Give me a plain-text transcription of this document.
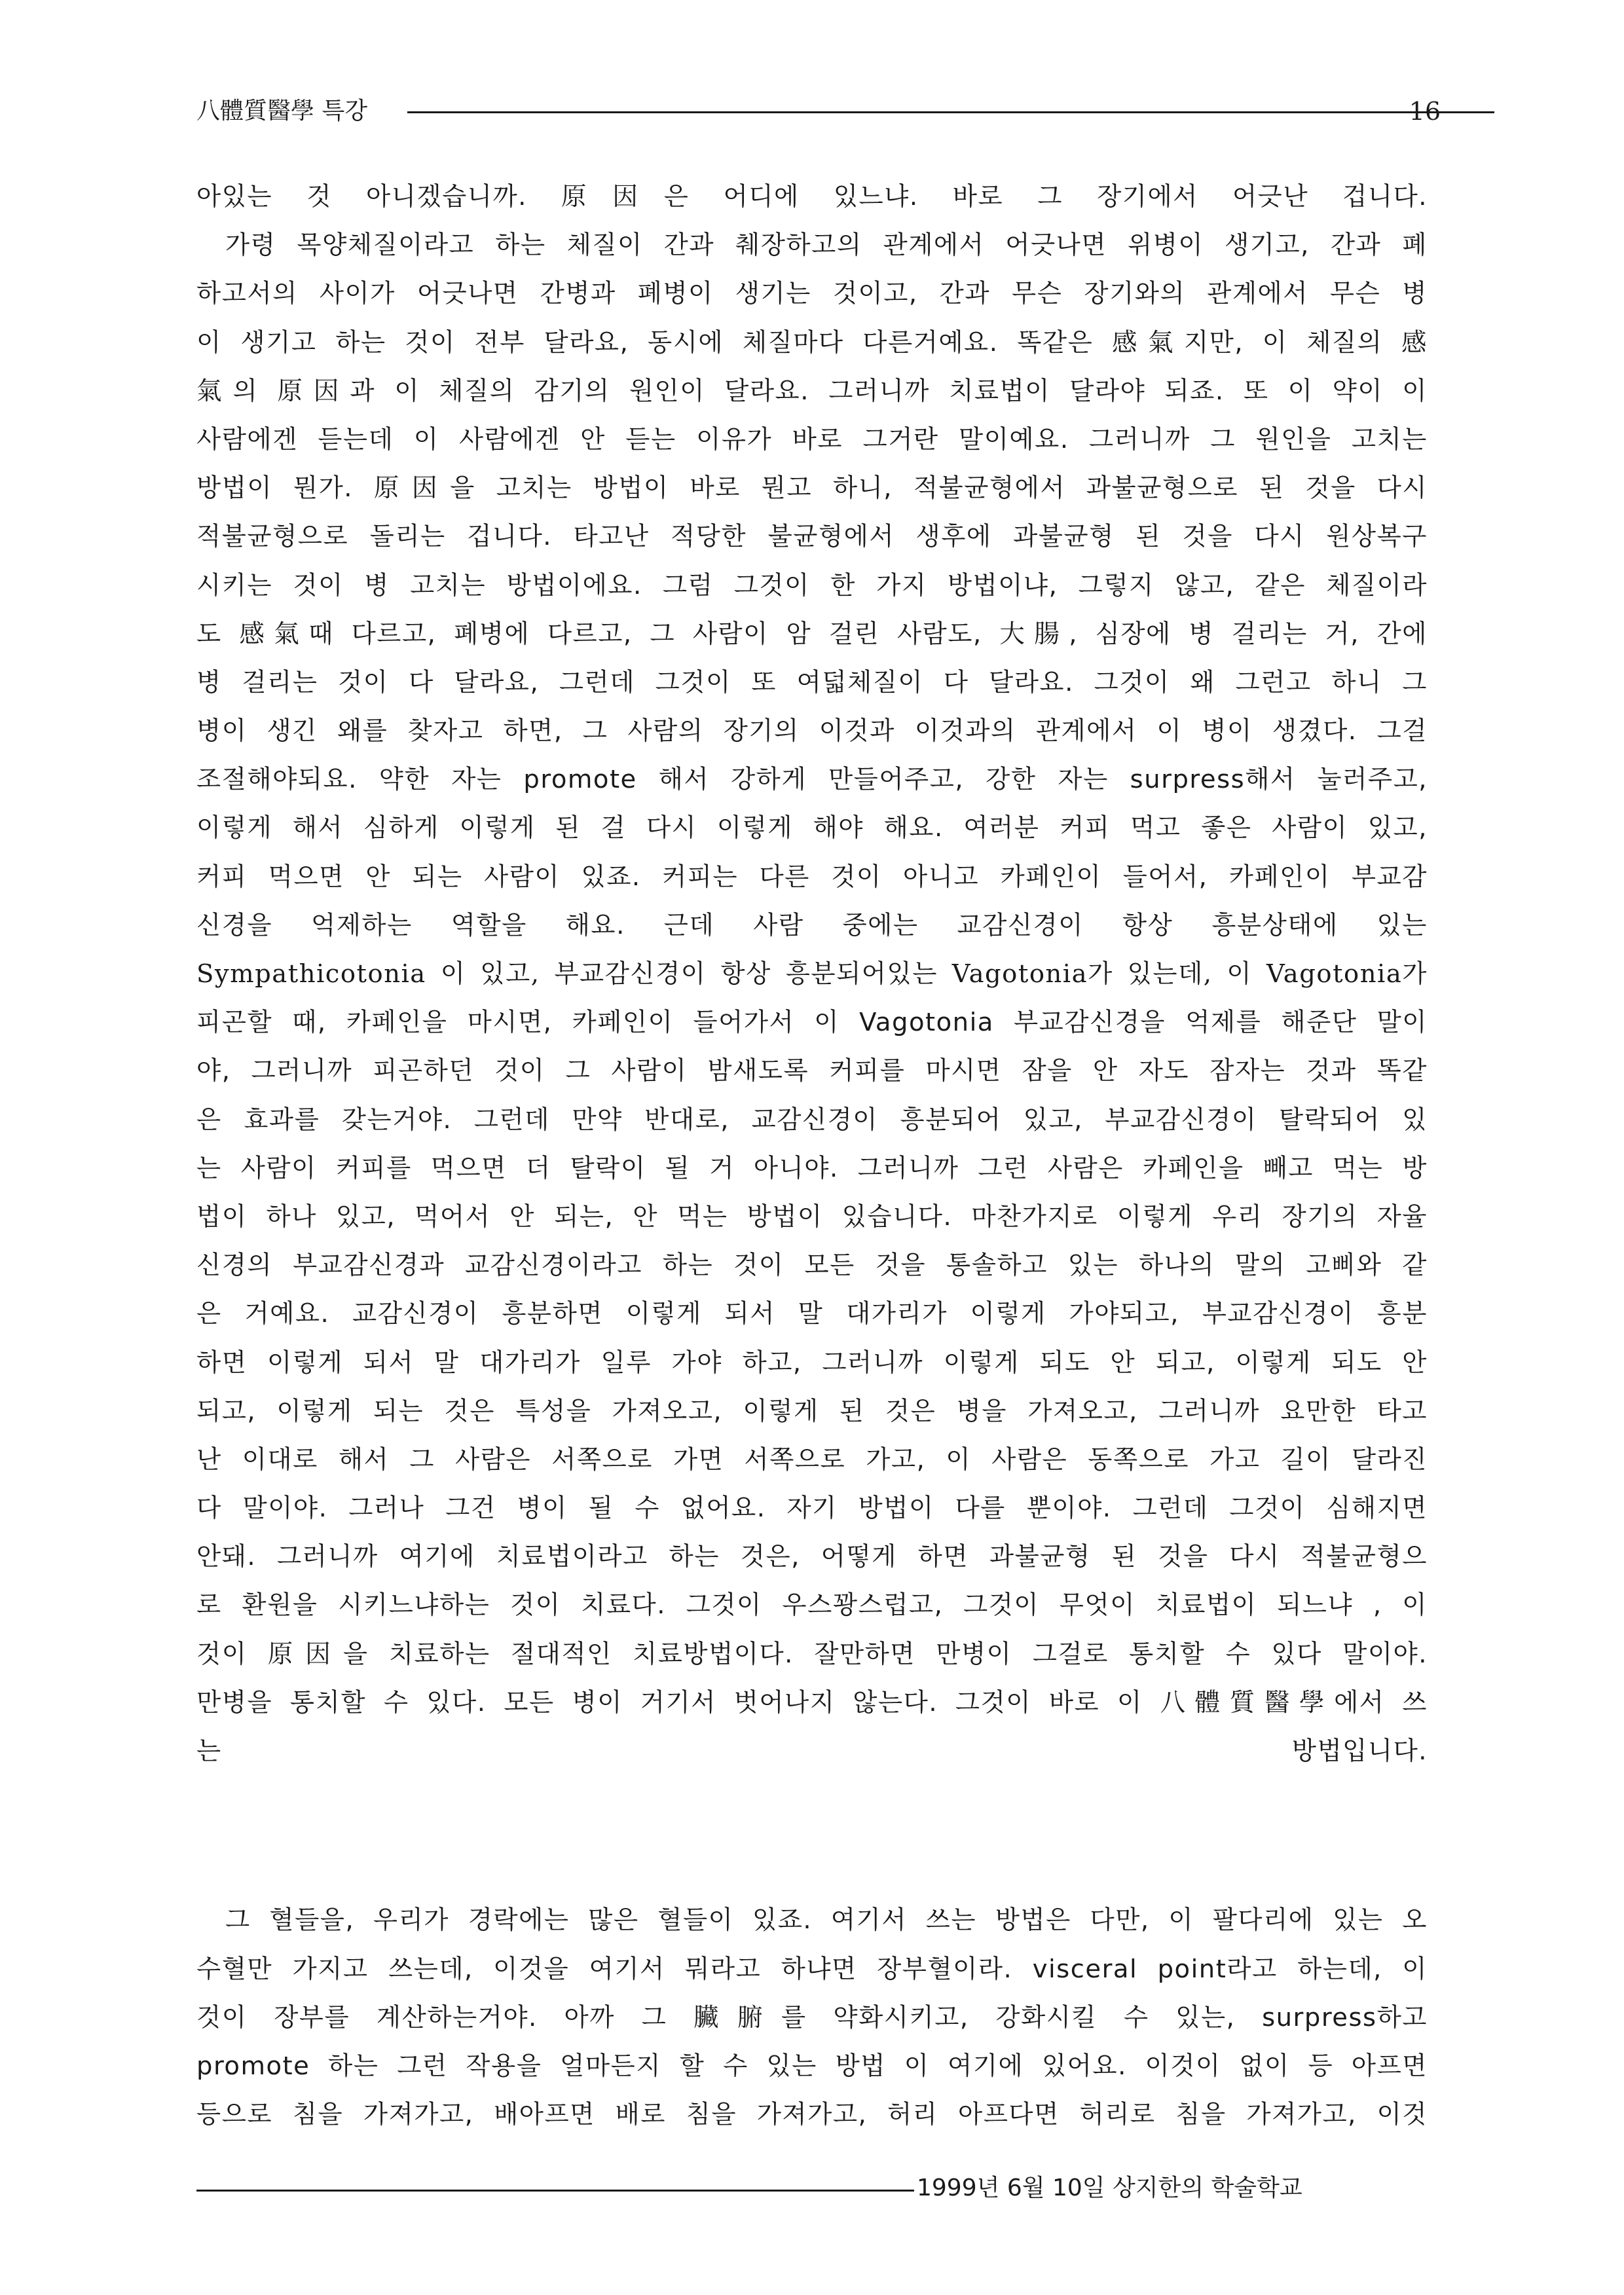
八體質醫學 특강	16
아있는 것 아니겠습니까. 原因은 어디에 있느냐. 바로 그 장기에서 어긋난 겁니다.
가령 목양체질이라고 하는 체질이 간과 췌장하고의 관계에서 어긋나면 위병이 생기고, 간과 폐
하고서의 사이가 어긋나면 간병과 폐병이 생기는 것이고, 간과 무슨 장기와의 관계에서 무슨 병
이 생기고 하는 것이 전부 달라요, 동시에 체질마다 다른거예요. 똑같은 感氣지만, 이 체질의 感
氣의 原因과 이 체질의 감기의 원인이 달라요. 그러니까 치료법이 달라야 되죠. 또 이 약이 이
사람에겐 듣는데 이 사람에겐 안 듣는 이유가 바로 그거란 말이예요. 그러니까 그 원인을 고치는
방법이 뭔가. 原因을 고치는 방법이 바로 뭔고 하니, 적불균형에서 과불균형으로 된 것을 다시
적불균형으로 돌리는 겁니다. 타고난 적당한 불균형에서 생후에 과불균형 된 것을 다시 원상복구
시키는 것이 병 고치는 방법이에요. 그럼 그것이 한 가지 방법이냐, 그렇지 않고, 같은 체질이라
도 感氣때 다르고, 폐병에 다르고, 그 사람이 암 걸린 사람도, 大腸, 심장에 병 걸리는 거, 간에
병 걸리는 것이 다 달라요, 그런데 그것이 또 여덟체질이 다 달라요. 그것이 왜 그런고 하니 그
병이 생긴 왜를 찾자고 하면, 그 사람의 장기의 이것과 이것과의 관계에서 이 병이 생겼다. 그걸
조절해야되요. 약한 자는 promote 해서 강하게 만들어주고, 강한 자는 surpress해서 눌러주고,
이렇게 해서 심하게 이렇게 된 걸 다시 이렇게 해야 해요. 여러분 커피 먹고 좋은 사람이 있고,
커피 먹으면 안 되는 사람이 있죠. 커피는 다른 것이 아니고 카페인이 들어서, 카페인이 부교감
신경을 억제하는 역할을 해요. 근데 사람 중에는 교감신경이 항상 흥분상태에 있는
Sympathicotonia 이 있고, 부교감신경이 항상 흥분되어있는 Vagotonia가 있는데, 이 Vagotonia가
피곤할 때, 카페인을 마시면, 카페인이 들어가서 이 Vagotonia 부교감신경을 억제를 해준단 말이
야, 그러니까 피곤하던 것이 그 사람이 밤새도록 커피를 마시면 잠을 안 자도 잠자는 것과 똑같
은 효과를 갖는거야. 그런데 만약 반대로, 교감신경이 흥분되어 있고, 부교감신경이 탈락되어 있
는 사람이 커피를 먹으면 더 탈락이 될 거 아니야. 그러니까 그런 사람은 카페인을 빼고 먹는 방
법이 하나 있고, 먹어서 안 되는, 안 먹는 방법이 있습니다. 마찬가지로 이렇게 우리 장기의 자율
신경의 부교감신경과 교감신경이라고 하는 것이 모든 것을 통솔하고 있는 하나의 말의 고삐와 같
은 거예요. 교감신경이 흥분하면 이렇게 되서 말 대가리가 이렇게 가야되고, 부교감신경이 흥분
하면 이렇게 되서 말 대가리가 일루 가야 하고, 그러니까 이렇게 되도 안 되고, 이렇게 되도 안
되고, 이렇게 되는 것은 특성을 가져오고, 이렇게 된 것은 병을 가져오고, 그러니까 요만한 타고
난 이대로 해서 그 사람은 서쪽으로 가면 서쪽으로 가고, 이 사람은 동쪽으로 가고 길이 달라진
다 말이야. 그러나 그건 병이 될 수 없어요. 자기 방법이 다를 뿐이야. 그런데 그것이 심해지면
안돼. 그러니까 여기에 치료법이라고 하는 것은, 어떻게 하면 과불균형 된 것을 다시 적불균형으
로 환원을 시키느냐하는 것이 치료다. 그것이 우스꽝스럽고, 그것이 무엇이 치료법이 되느냐 , 이
것이 原因을 치료하는 절대적인 치료방법이다. 잘만하면 만병이 그걸로 통치할 수 있다 말이야.
만병을 통치할 수 있다. 모든 병이 거기서 벗어나지 않는다. 그것이 바로 이 八體質醫學에서 쓰
는 방법입니다.
그 혈들을, 우리가 경락에는 많은 혈들이 있죠. 여기서 쓰는 방법은 다만, 이 팔다리에 있는 오
수혈만 가지고 쓰는데, 이것을 여기서 뭐라고 하냐면 장부혈이라. visceral point라고 하는데, 이
것이 장부를 계산하는거야. 아까 그 臟腑를 약화시키고, 강화시킬 수 있는, surpress하고
promote 하는 그런 작용을 얼마든지 할 수 있는 방법 이 여기에 있어요. 이것이 없이 등 아프면
등으로 침을 가져가고, 배아프면 배로 침을 가져가고, 허리 아프다면 허리로 침을 가져가고, 이것
1999년 6월 10일 상지한의 학술학교
